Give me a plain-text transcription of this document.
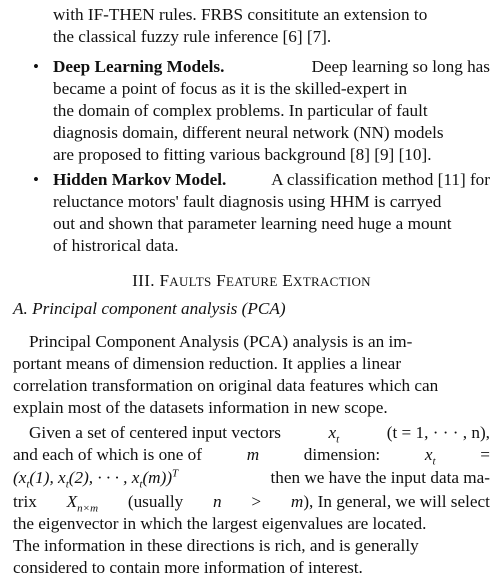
with IF-THEN rules. FRBS consititute an extension to
the classical fuzzy rule inference [6] [7].
• Deep Learning Models.	Deep learning so long has
became a point of focus as it is the skilled-expert in
the domain of complex problems. In particular of fault
diagnosis domain, different neural network (NN) models
are proposed to fitting various background [8] [9] [10].
• Hidden Markov Model.	A classification method [11] for
reluctance motors' fault diagnosis using HHM is carryed
out and shown that parameter learning need huge a mount
of histrorical data.
III. FAULTS FEATURE EXTRACTION
A. Principal component analysis (PCA)
Principal Component Analysis (PCA) analysis is an im-
portant means of dimension reduction. It applies a linear
correlation transformation on original data features which can
explain most of the datasets information in new scope.
Given a set of centered input vectors	$x_t$	(t = 1, · · · , n),
and each of which is one of	m	dimension:	$x_t$	=
($x_t(1)$, $x_t(2)$, · · · , $x_t(m))^T$	then we have the input data ma-
trix $X_{n\times m}$ (usually n > m), In general, we will select
the eigenvector in which the largest eigenvalues are located.
The information in these directions is rich, and is generally
considered to contain more information of interest.
